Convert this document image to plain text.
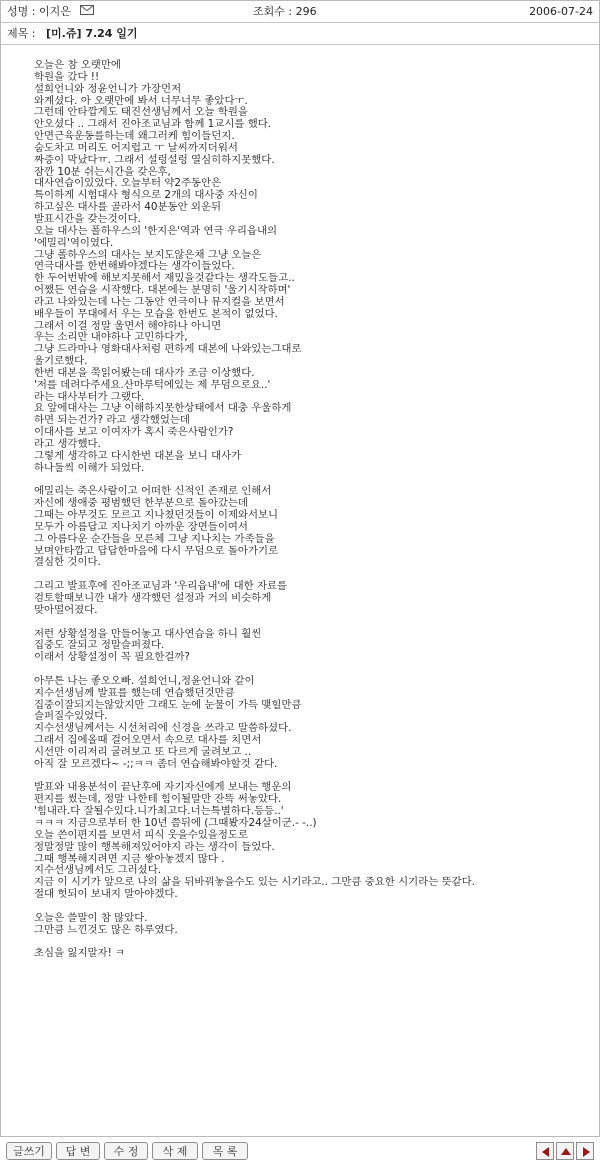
성명 : 이지은	조회수 : 296	2006-07-24
제목 : [미.쥬] 7.24 일기
오늘은 참 오랫만에
학원을 갔다 !!
설희언니와 정윤언니가 가장먼저
와계셨다. 아 오랫만에 봐서 너무너무 좋았다ㅜ.
그런데 안타깝게도 태진선생님께서 오늘 학원을
안오셨다 .. 그래서 진아조교님과 함께 1교시를 했다.
안면근육운동를하는데 왜그러케 힘이들던지.
숨도차고 머리도 어지럽고 ㅜ 날씨까지더워서
짜증이 막났다ㅠ. 그래서 설렁설렁 열심히하지못했다.
잠깐 10분 쉬는시간을 갖은후,
대사연습이있었다. 오늘부터 약2주동안은
특이하게 시험대사 형식으로 2개의 대사중 자신이
하고싶은 대사를 골라서 40분동안 외운뒤
발표시간을 갖는것이다.
오늘 대사는 폴하우스의 '한지은'역과 연극 우리읍내의
'에밀리'역이였다.
그냥 폴하우스의 대사는 보지도않은채 그냥 오늘은
연극대사를 한번해봐야겠다는 생각이들었다.
한 두어번밖에 해보지못해서 재밌을것같다는 생각도들고..
어쨌든 연습을 시작했다. 대본에는 분명히 '울기시작하며'
라고 나와있는데 나는 그동안 연극이나 뮤지컬을 보면서
배우들이 무대에서 우는 모습을 한번도 본적이 없었다.
그래서 이걸 정말 울면서 해야하나 아니면
우는 소리만 내야하나 고민하다가,
그냥 드라마나 영화대사처럼 편하게 대본에 나와있는그대로
울기로했다.
한번 대본을 쭉읽어봤는데 대사가 조금 이상했다.
'저를 데려다주세요.산마루턱에있는 제 무덤으로요..'
라는 대사부터가 그랬다.
요 앞에대사는 그냥 이해하지못한상태에서 대충 우울하게
하면 되는건가? 라고 생각했었는데
이대사를 보고 이여자가 혹시 죽은사람인가?
라고 생각했다.
그렇게 생각하고 다시한번 대본을 보니 대사가
하나둘씩 이해가 되었다.
에밀리는 죽은사람이고 어떠한 신적인 존재로 인해서
자신에 생애중 평범했던 한부분으로 돌아갔는데
그때는 아무것도 모르고 지나쳤던것들이 이제와서보니
모두가 아름답고 지나치기 아까운 장면들이여서
그 아름다운 순간들을 모른체 그냥 지나치는 가족들을
보며안타깝고 답답한마음에 다시 무덤으로 돌아가기로
결심한 것이다.
그리고 발표후에 진아조교님과 '우리읍내'에 대한 자료를
검토할때보니깐 내가 생각했던 설정과 거의 비슷하게
맞아떨어졌다.
저런 상황설정을 만들어놓고 대사연습을 하니 훨씬
집중도 잘되고 정말슬퍼졌다.
이래서 상황설정이 꼭 필요한걸까?
아무튼 나는 좋오오빠. 설희언니,정윤언니와 같이
지수선생님께 발표를 했는데 연습했던것만큼
집중이잘되지는않았지만 그래도 눈에 눈물이 가득 맺힐만큼
슬퍼질수있었다.
지수선생님께서는 시선처리에 신경을 쓰라고 말씀하셨다.
그래서 집에올때 걸어오면서 속으로 대사를 치면서
시선만 이리저리 굴려보고 또 다르게 굴려보고 ..
아직 잘 모르겠다~ -;;ㅋㅋ 좀더 연습해봐야할것 같다.
발표와 내용분석이 끝난후에 자기자신에게 보내는 행운의
편지를 썼는데, 정말 나한테 힘이될말만 잔뜩 써놓았다.
'힘내라.다 잘될수있다.니가최고다.너는특별하다.등등..'
ㅋㅋㅋ 지금으로부터 한 10년 쯤뒤에 (그때봤자24살이군.- -..)
오늘 쓴이편지를 보면서 피식 웃을수있을정도로
정말정말 많이 행복해져있어야지 라는 생각이 들었다.
그때 행복해지려면 지금 쌓아놓겠지 많다 .
지수선생님께서도 그러셨다.
지금 이 시기가 앞으로 나의 삶을 뒤바꿔놓을수도 있는 시기라고.. 그만큼 중요한 시기라는 뜻같다.
절대 헛되이 보내지 말아야겠다.
오늘은 쓸말이 참 많았다.
그만큼 느낀것도 많은 하루였다.
초심을 잃지말자! ㅋ
글쓰기	답 변	수 정	삭 제	목 록
